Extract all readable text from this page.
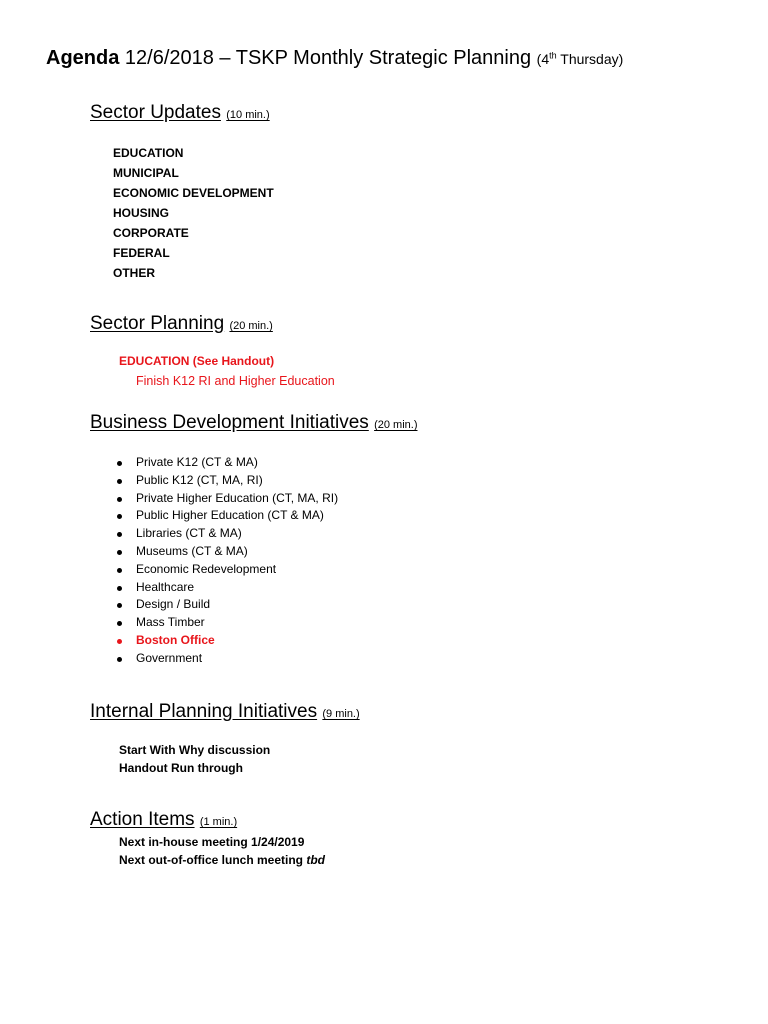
Agenda 12/6/2018 – TSKP Monthly Strategic Planning (4th Thursday)
Sector Updates (10 min.)
EDUCATION
MUNICIPAL
ECONOMIC DEVELOPMENT
HOUSING
CORPORATE
FEDERAL
OTHER
Sector Planning (20 min.)
EDUCATION (See Handout)
Finish K12 RI and Higher Education
Business Development Initiatives (20 min.)
Private K12 (CT & MA)
Public K12 (CT, MA, RI)
Private Higher Education (CT, MA, RI)
Public Higher Education (CT & MA)
Libraries (CT & MA)
Museums (CT & MA)
Economic Redevelopment
Healthcare
Design / Build
Mass Timber
Boston Office
Government
Internal Planning Initiatives (9 min.)
Start With Why discussion
Handout Run through
Action Items (1 min.)
Next in-house meeting 1/24/2019
Next out-of-office lunch meeting tbd
